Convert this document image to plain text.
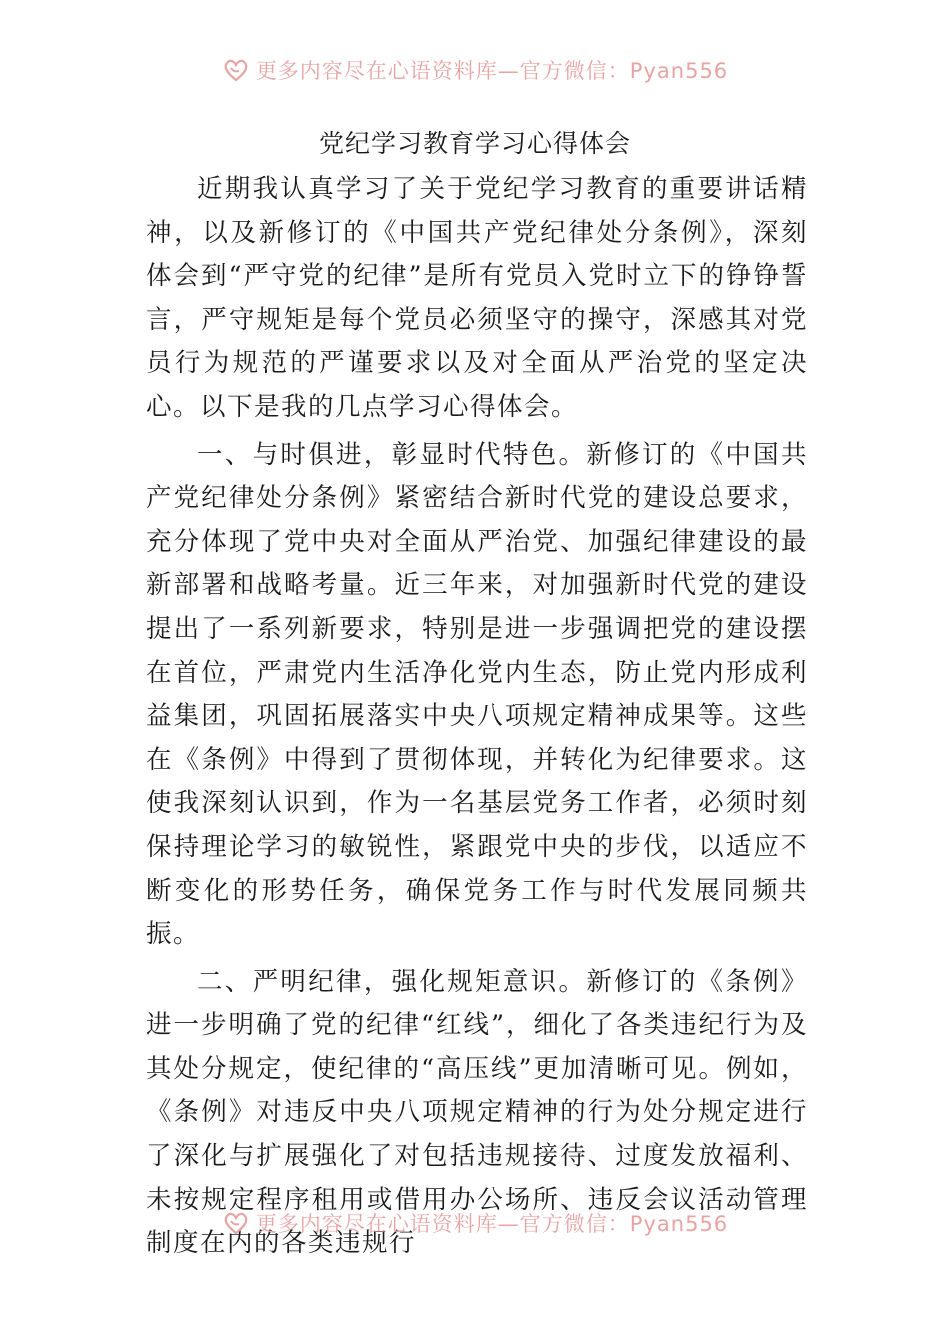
更多内容尽在心语资料库—官方微信：Pyan556
党纪学习教育学习心得体会

近期我认真学习了关于党纪学习教育的重要讲话精神，以及新修订的《中国共产党纪律处分条例》，深刻体会到“严守党的纪律”是所有党员入党时立下的铮铮誓言，严守规矩是每个党员必须坚守的操守，深感其对党员行为规范的严谨要求以及对全面从严治党的坚定决心。以下是我的几点学习心得体会。

一、与时俱进，彰显时代特色。新修订的《中国共产党纪律处分条例》紧密结合新时代党的建设总要求，充分体现了党中央对全面从严治党、加强纪律建设的最新部署和战略考量。近三年来，对加强新时代党的建设提出了一系列新要求，特别是进一步强调把党的建设摆在首位，严肃党内生活净化党内生态，防止党内形成利益集团，巩固拓展落实中央八项规定精神成果等。这些在《条例》中得到了贯彻体现，并转化为纪律要求。这使我深刻认识到，作为一名基层党务工作者，必须时刻保持理论学习的敏锐性，紧跟党中央的步伐，以适应不断变化的形势任务，确保党务工作与时代发展同频共振。

二、严明纪律，强化规矩意识。新修订的《条例》进一步明确了党的纪律“红线”，细化了各类违纪行为及其处分规定，使纪律的“高压线”更加清晰可见。例如，《条例》对违反中央八项规定精神的行为处分规定进行了深化与扩展强化了对包括违规接待、过度发放福利、未按规定程序租用或借用办公场所、违反会议活动管理制度在内的各类违规行

更多内容尽在心语资料库—官方微信：Pyan556
